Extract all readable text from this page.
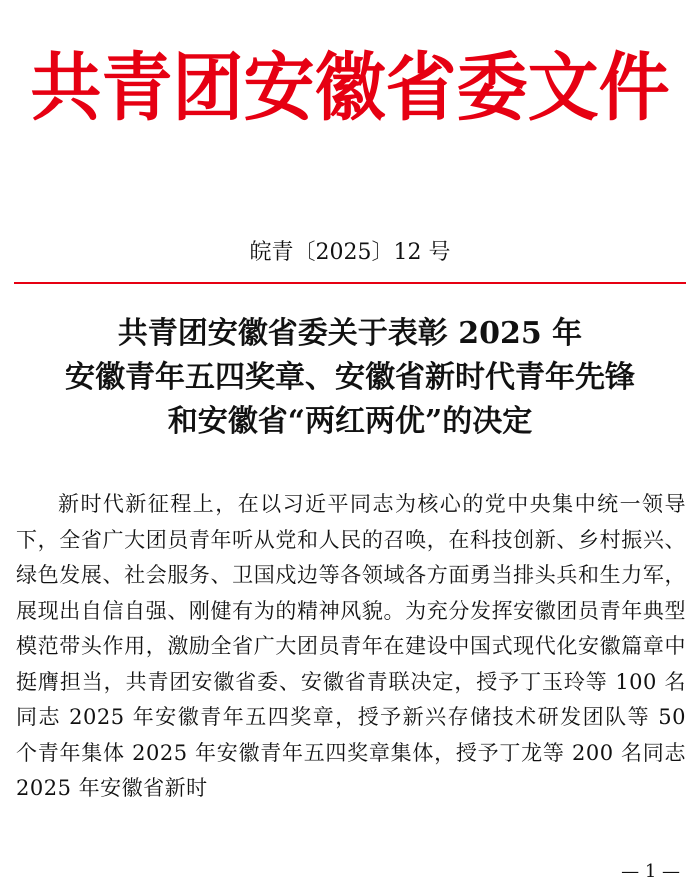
共青团安徽省委文件
皖青〔2025〕12 号
共青团安徽省委关于表彰 2025 年
安徽青年五四奖章、安徽省新时代青年先锋
和安徽省“两红两优”的决定
新时代新征程上，在以习近平同志为核心的党中央集中统一领导下，全省广大团员青年听从党和人民的召唤，在科技创新、乡村振兴、绿色发展、社会服务、卫国戍边等各领域各方面勇当排头兵和生力军，展现出自信自强、刚健有为的精神风貌。为充分发挥安徽团员青年典型模范带头作用，激励全省广大团员青年在建设中国式现代化安徽篇章中挺膺担当，共青团安徽省委、安徽省青联决定，授予丁玉玲等 100 名同志 2025 年安徽青年五四奖章，授予新兴存储技术研发团队等 50 个青年集体 2025 年安徽青年五四奖章集体，授予丁龙等 200 名同志 2025 年安徽省新时
— 1 —
